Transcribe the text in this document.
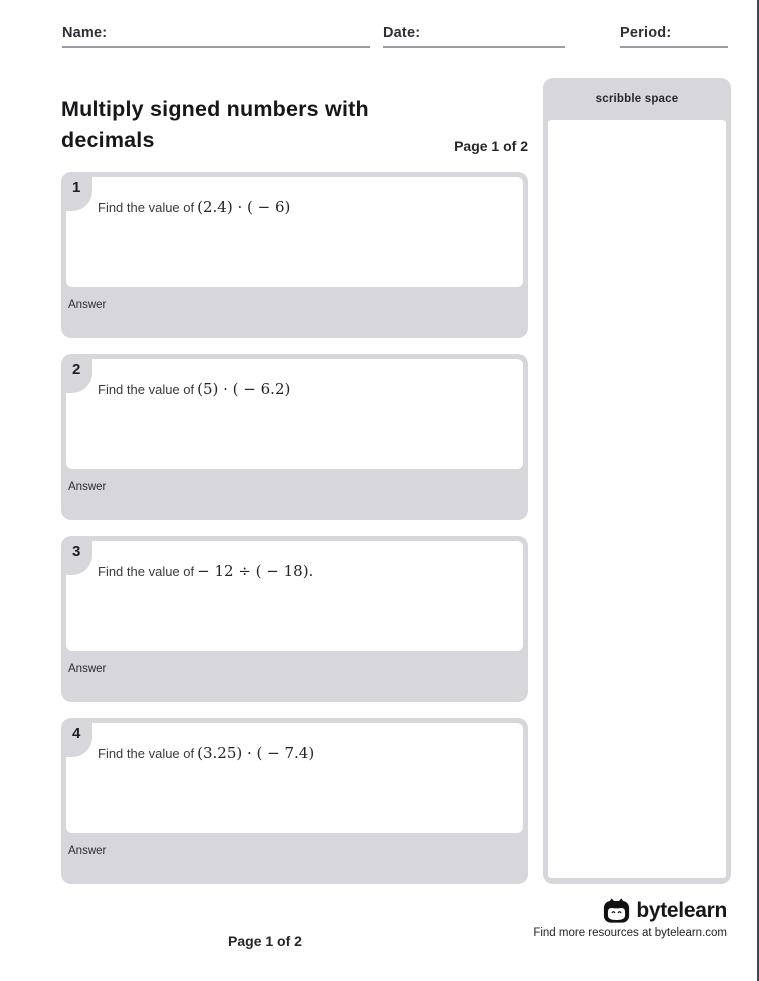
Name:	Date:	Period:
Multiply signed numbers with decimals	Page 1 of 2
1
Find the value of (2.4) · ( − 6)
Answer
2
Find the value of (5) · ( − 6.2)
Answer
3
Find the value of − 12 ÷ ( − 18).
Answer
4
Find the value of (3.25) · ( − 7.4)
Answer
scribble space
Page 1 of 2
bytelearn
Find more resources at bytelearn.com
